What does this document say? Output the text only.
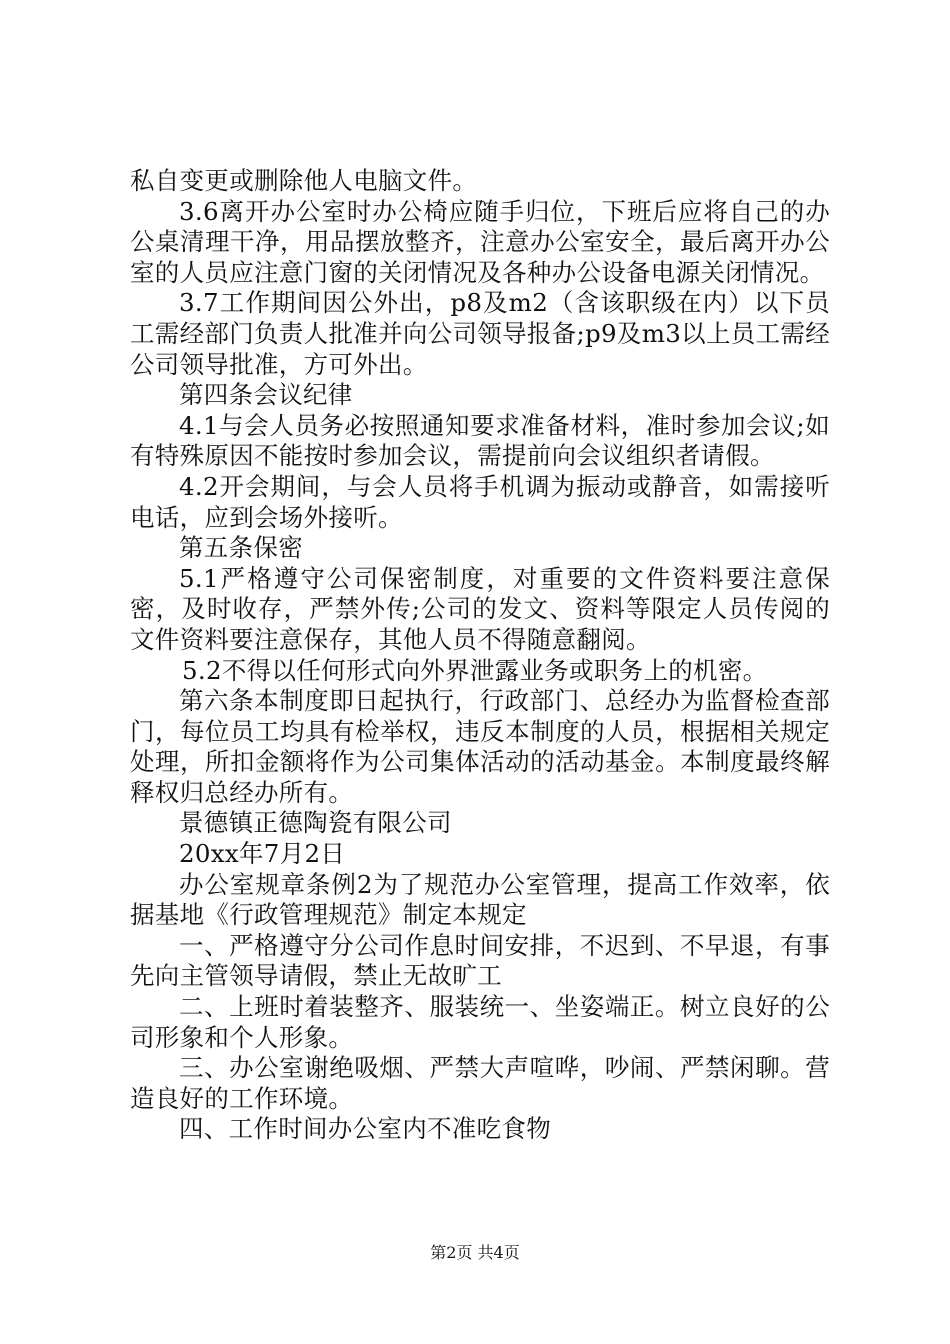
私自变更或删除他人电脑文件。

3.6离开办公室时办公椅应随手归位，下班后应将自己的办公桌清理干净，用品摆放整齐，注意办公室安全，最后离开办公室的人员应注意门窗的关闭情况及各种办公设备电源关闭情况。

3.7工作期间因公外出，p8及m2（含该职级在内）以下员工需经部门负责人批准并向公司领导报备;p9及m3以上员工需经公司领导批准，方可外出。

第四条会议纪律

4.1与会人员务必按照通知要求准备材料，准时参加会议;如有特殊原因不能按时参加会议，需提前向会议组织者请假。

4.2开会期间，与会人员将手机调为振动或静音，如需接听电话，应到会场外接听。

第五条保密

5.1严格遵守公司保密制度，对重要的文件资料要注意保密，及时收存，严禁外传;公司的发文、资料等限定人员传阅的文件资料要注意保存，其他人员不得随意翻阅。

5.2不得以任何形式向外界泄露业务或职务上的机密。

第六条本制度即日起执行，行政部门、总经办为监督检查部门，每位员工均具有检举权，违反本制度的人员，根据相关规定处理，所扣金额将作为公司集体活动的活动基金。本制度最终解释权归总经办所有。

景德镇正德陶瓷有限公司

20xx年7月2日

办公室规章条例2为了规范办公室管理，提高工作效率，依据基地《行政管理规范》制定本规定

一、严格遵守分公司作息时间安排，不迟到、不早退，有事先向主管领导请假，禁止无故旷工

二、上班时着装整齐、服装统一、坐姿端正。树立良好的公司形象和个人形象。

三、办公室谢绝吸烟、严禁大声喧哗，吵闹、严禁闲聊。营造良好的工作环境。

四、工作时间办公室内不准吃食物

第2页 共4页
